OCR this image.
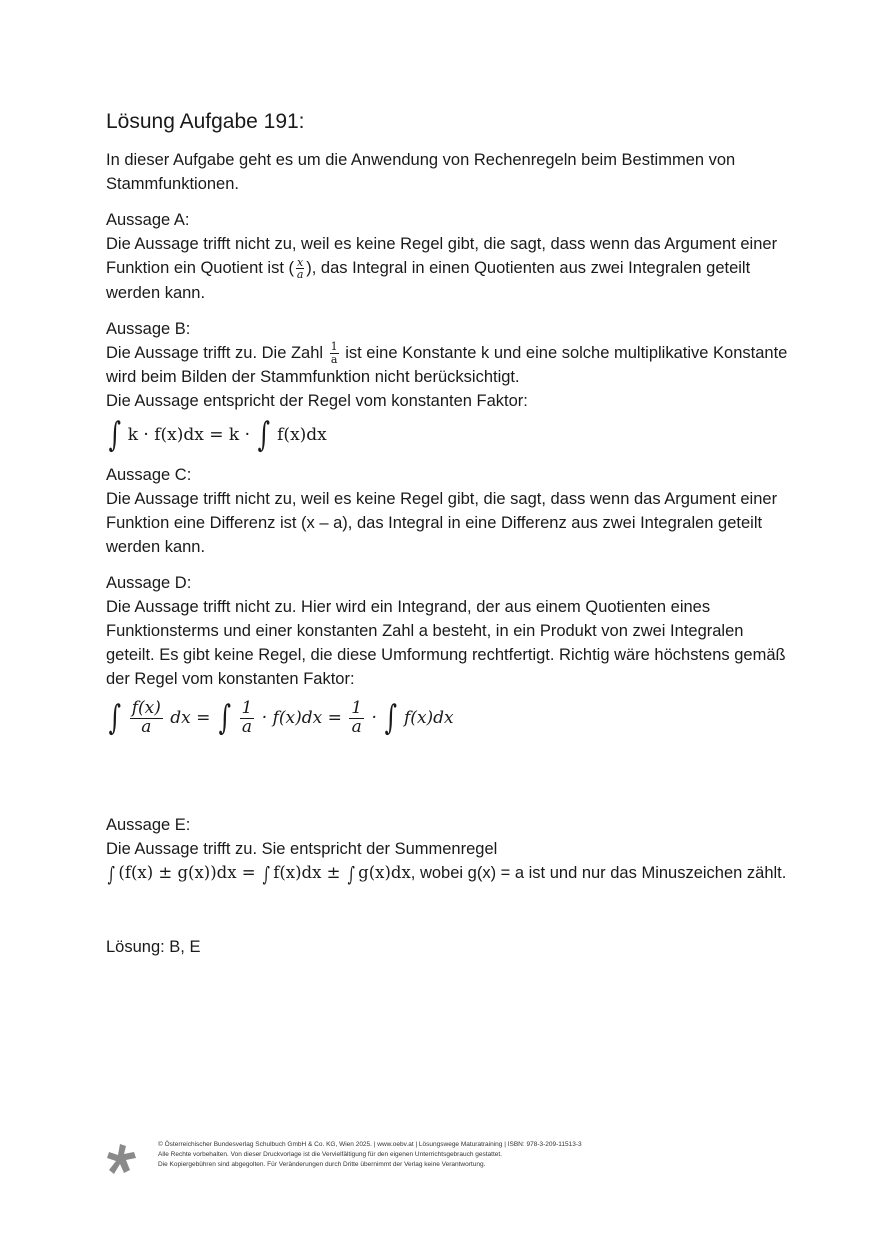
Lösung Aufgabe 191:

In dieser Aufgabe geht es um die Anwendung von Rechenregeln beim Bestimmen von Stammfunktionen.

Aussage A:

Die Aussage trifft nicht zu, weil es keine Regel gibt, die sagt, dass wenn das Argument einer Funktion ein Quotient ist ( $\frac{x}{a}$ ), das Integral in einen Quotienten aus zwei Integralen geteilt werden kann.

Aussage B:

Die Aussage trifft zu. Die Zahl $\frac{1}{a}$ ist eine Konstante k und eine solche multiplikative Konstante wird beim Bilden der Stammfunktion nicht berücksichtigt.

Die Aussage entspricht der Regel vom konstanten Faktor:

∫ k · f(x)dx = k · ∫ f(x)dx

Aussage C:

Die Aussage trifft nicht zu, weil es keine Regel gibt, die sagt, dass wenn das Argument einer Funktion eine Differenz ist (x – a), das Integral in eine Differenz aus zwei Integralen geteilt werden kann.

Aussage D:

Die Aussage trifft nicht zu. Hier wird ein Integrand, der aus einem Quotienten eines Funktionsterms und einer konstanten Zahl a besteht, in ein Produkt von zwei Integralen geteilt. Es gibt keine Regel, die diese Umformung rechtfertigt. Richtig wäre höchstens gemäß der Regel vom konstanten Faktor:

∫ $\frac{f(x)}{a}$ dx = ∫ $\frac{1}{a} \cdot f(x)dx = \frac{1}{a}$ · ∫ f(x)dx

Aussage E:

Die Aussage trifft zu. Sie entspricht der Summenregel

∫ (f(x) ± g(x))dx = ∫ f(x)dx ± ∫ g(x)dx, wobei g(x) = a ist und nur das Minuszeichen zählt.

Lösung: B, E

© Österreichischer Bundesverlag Schulbuch GmbH & Co. KG, Wien 2025. | www.oebv.at | Lösungswege Maturatraining | ISBN: 978-3-209-11513-3
Alle Rechte vorbehalten. Von dieser Druckvorlage ist die Vervielfältigung für den eigenen Unterrichtsgebrauch gestattet.
Die Kopiergebühren sind abgegolten. Für Veränderungen durch Dritte übernimmt der Verlag keine Verantwortung.
